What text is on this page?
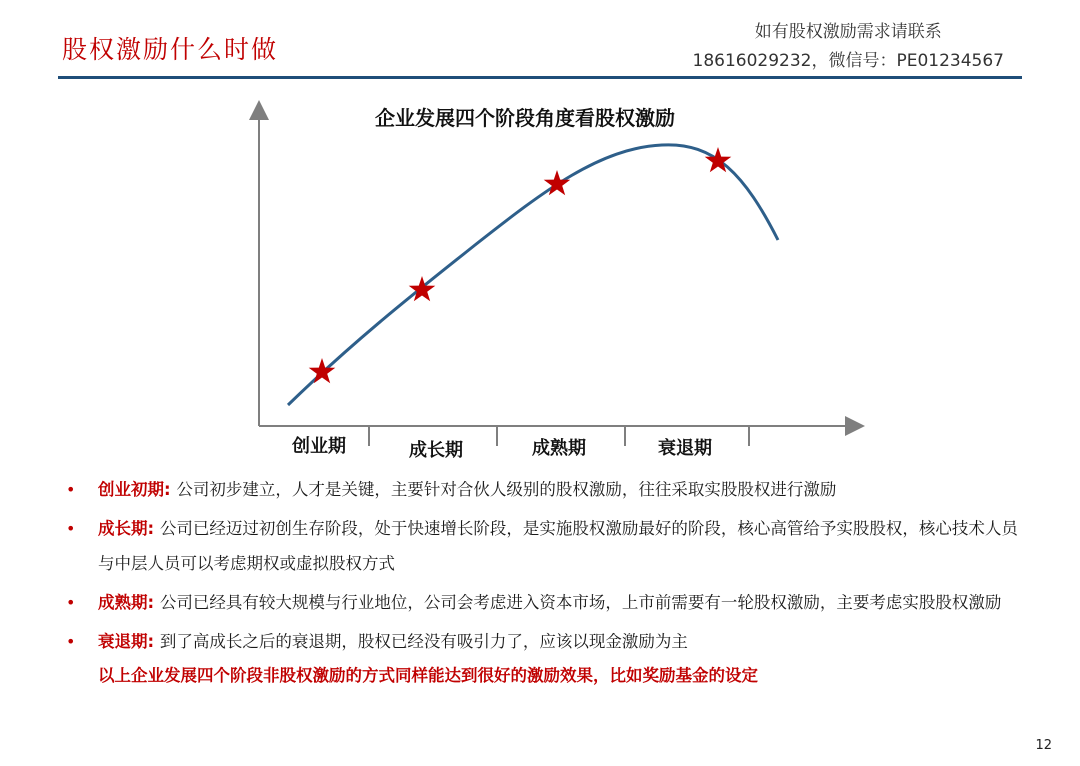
股权激励什么时做
如有股权激励需求请联系
18616029232，微信号：PE01234567
企业发展四个阶段角度看股权激励
创业期	成长期	成熟期	衰退期
• 创业初期: 公司初步建立，人才是关键，主要针对合伙人级别的股权激励，往往采取实股股权进行激励
• 成长期: 公司已经迈过初创生存阶段，处于快速增长阶段，是实施股权激励最好的阶段，核心高管给予实股股权，核心技术人员与中层人员可以考虑期权或虚拟股权方式
• 成熟期: 公司已经具有较大规模与行业地位，公司会考虑进入资本市场，上市前需要有一轮股权激励，主要考虑实股股权激励
• 衰退期: 到了高成长之后的衰退期，股权已经没有吸引力了，应该以现金激励为主
以上企业发展四个阶段非股权激励的方式同样能达到很好的激励效果，比如奖励基金的设定
12
